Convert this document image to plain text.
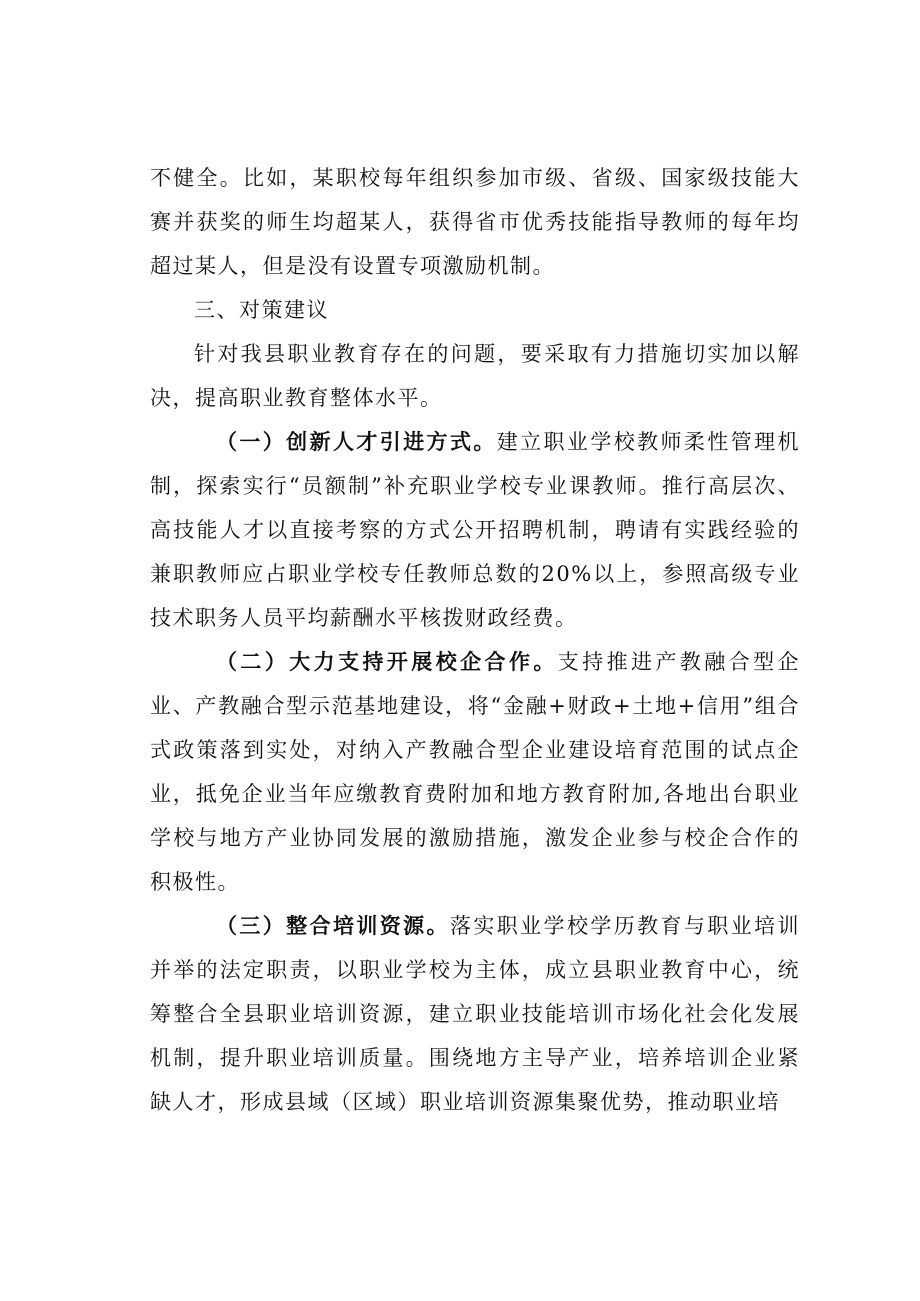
不健全。比如，某职校每年组织参加市级、省级、国家级技能大赛并获奖的师生均超某人，获得省市优秀技能指导教师的每年均超过某人，但是没有设置专项激励机制。

三、对策建议

针对我县职业教育存在的问题，要采取有力措施切实加以解决，提高职业教育整体水平。

（一）创新人才引进方式。建立职业学校教师柔性管理机制，探索实行“员额制”补充职业学校专业课教师。推行高层次、高技能人才以直接考察的方式公开招聘机制，聘请有实践经验的兼职教师应占职业学校专任教师总数的20%以上，参照高级专业技术职务人员平均薪酬水平核拨财政经费。

（二）大力支持开展校企合作。支持推进产教融合型企业、产教融合型示范基地建设，将“金融+财政+土地+信用”组合式政策落到实处，对纳入产教融合型企业建设培育范围的试点企业，抵免企业当年应缴教育费附加和地方教育附加,各地出台职业学校与地方产业协同发展的激励措施，激发企业参与校企合作的积极性。

（三）整合培训资源。落实职业学校学历教育与职业培训并举的法定职责，以职业学校为主体，成立县职业教育中心，统筹整合全县职业培训资源，建立职业技能培训市场化社会化发展机制，提升职业培训质量。围绕地方主导产业，培养培训企业紧缺人才，形成县域（区域）职业培训资源集聚优势，推动职业培
